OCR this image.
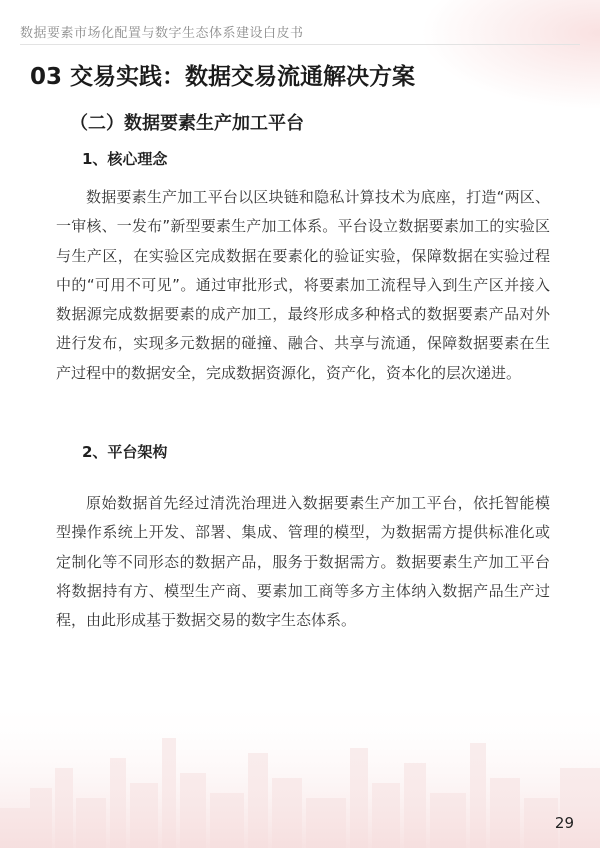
数据要素市场化配置与数字生态体系建设白皮书
03 交易实践：数据交易流通解决方案
（二）数据要素生产加工平台
1、核心理念

数据要素生产加工平台以区块链和隐私计算技术为底座，打造“两区、一审核、一发布”新型要素生产加工体系。平台设立数据要素加工的实验区与生产区，在实验区完成数据在要素化的验证实验，保障数据在实验过程中的“可用不可见”。通过审批形式，将要素加工流程导入到生产区并接入数据源完成数据要素的成产加工，最终形成多种格式的数据要素产品对外进行发布，实现多元数据的碰撞、融合、共享与流通，保障数据要素在生产过程中的数据安全，完成数据资源化，资产化，资本化的层次递进。

2、平台架构

原始数据首先经过清洗治理进入数据要素生产加工平台，依托智能模型操作系统上开发、部署、集成、管理的模型，为数据需方提供标准化或定制化等不同形态的数据产品，服务于数据需方。数据要素生产加工平台将数据持有方、模型生产商、要素加工商等多方主体纳入数据产品生产过程，由此形成基于数据交易的数字生态体系。

29
